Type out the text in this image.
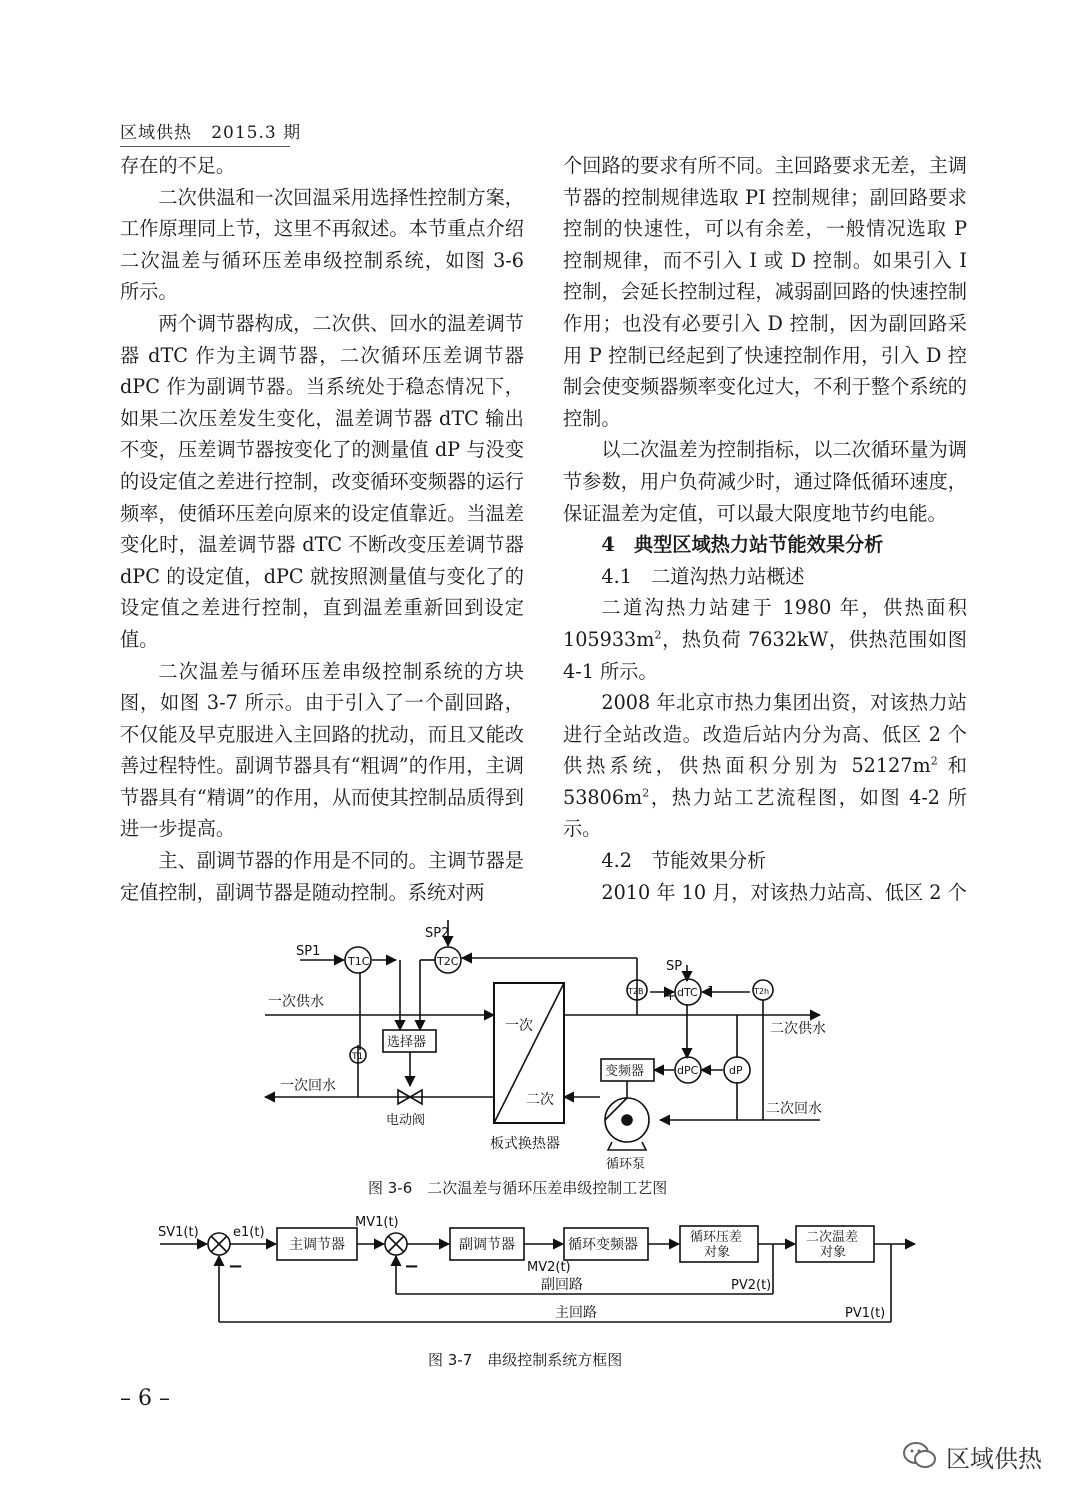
区域供热 2015.3 期

存在的不足。

二次供温和一次回温采用选择性控制方案，工作原理同上节，这里不再叙述。本节重点介绍二次温差与循环压差串级控制系统，如图 3-6 所示。

两个调节器构成，二次供、回水的温差调节器 dTC 作为主调节器，二次循环压差调节器 dPC 作为副调节器。当系统处于稳态情况下，如果二次压差发生变化，温差调节器 dTC 输出不变，压差调节器按变化了的测量值 dP 与没变的设定值之差进行控制，改变循环变频器的运行频率，使循环压差向原来的设定值靠近。当温差变化时，温差调节器 dTC 不断改变压差调节器 dPC 的设定值，dPC 就按照测量值与变化了的设定值之差进行控制，直到温差重新回到设定值。

二次温差与循环压差串级控制系统的方块图，如图 3-7 所示。由于引入了一个副回路，不仅能及早克服进入主回路的扰动，而且又能改善过程特性。副调节器具有“粗调”的作用，主调节器具有“精调”的作用，从而使其控制品质得到进一步提高。

主、副调节器的作用是不同的。主调节器是定值控制，副调节器是随动控制。系统对两

个回路的要求有所不同。主回路要求无差，主调节器的控制规律选取 PI 控制规律；副回路要求控制的快速性，可以有余差，一般情况选取 P 控制规律，而不引入 I 或 D 控制。如果引入 I 控制，会延长控制过程，减弱副回路的快速控制作用；也没有必要引入 D 控制，因为副回路采用 P 控制已经起到了快速控制作用，引入 D 控制会使变频器频率变化过大，不利于整个系统的控制。

以二次温差为控制指标，以二次循环量为调节参数，用户负荷减少时，通过降低循环速度，保证温差为定值，可以最大限度地节约电能。

4　典型区域热力站节能效果分析
4.1　二道沟热力站概述

二道沟热力站建于 1980 年，供热面积 $105933m^2$，热负荷 7632kW，供热范围如图 4-1 所示。

2008 年北京市热力集团出资，对该热力站进行全站改造。改造后站内分为高、低区 2 个供热系统，供热面积分别为 $52127m^2$ 和 $53806m^2$，热力站工艺流程图，如图 4-2 所示。

4.2　节能效果分析

2010 年 10 月，对该热力站高、低区 2 个

SP1
T1C	T2C
SP2
T1
一次供水
一次回水
选择器
电动阀
一次
二次
板式换热器
T2B
SP
dTC	T2h
+
-
dPC	dP
变频器
二次供水
二次回水
循环泵
图 3-6　二次温差与循环压差串级控制工艺图
SV1(t)	e1(t)
MV1(t)
主调节器	副调节器	循环变频器	循环压差
对象
二次温差
对象
MV2(t)
PV2(t)
副回路
PV1(t)
主回路
−	−
图 3-7　串级控制系统方框图
– 6 –
区域供热
